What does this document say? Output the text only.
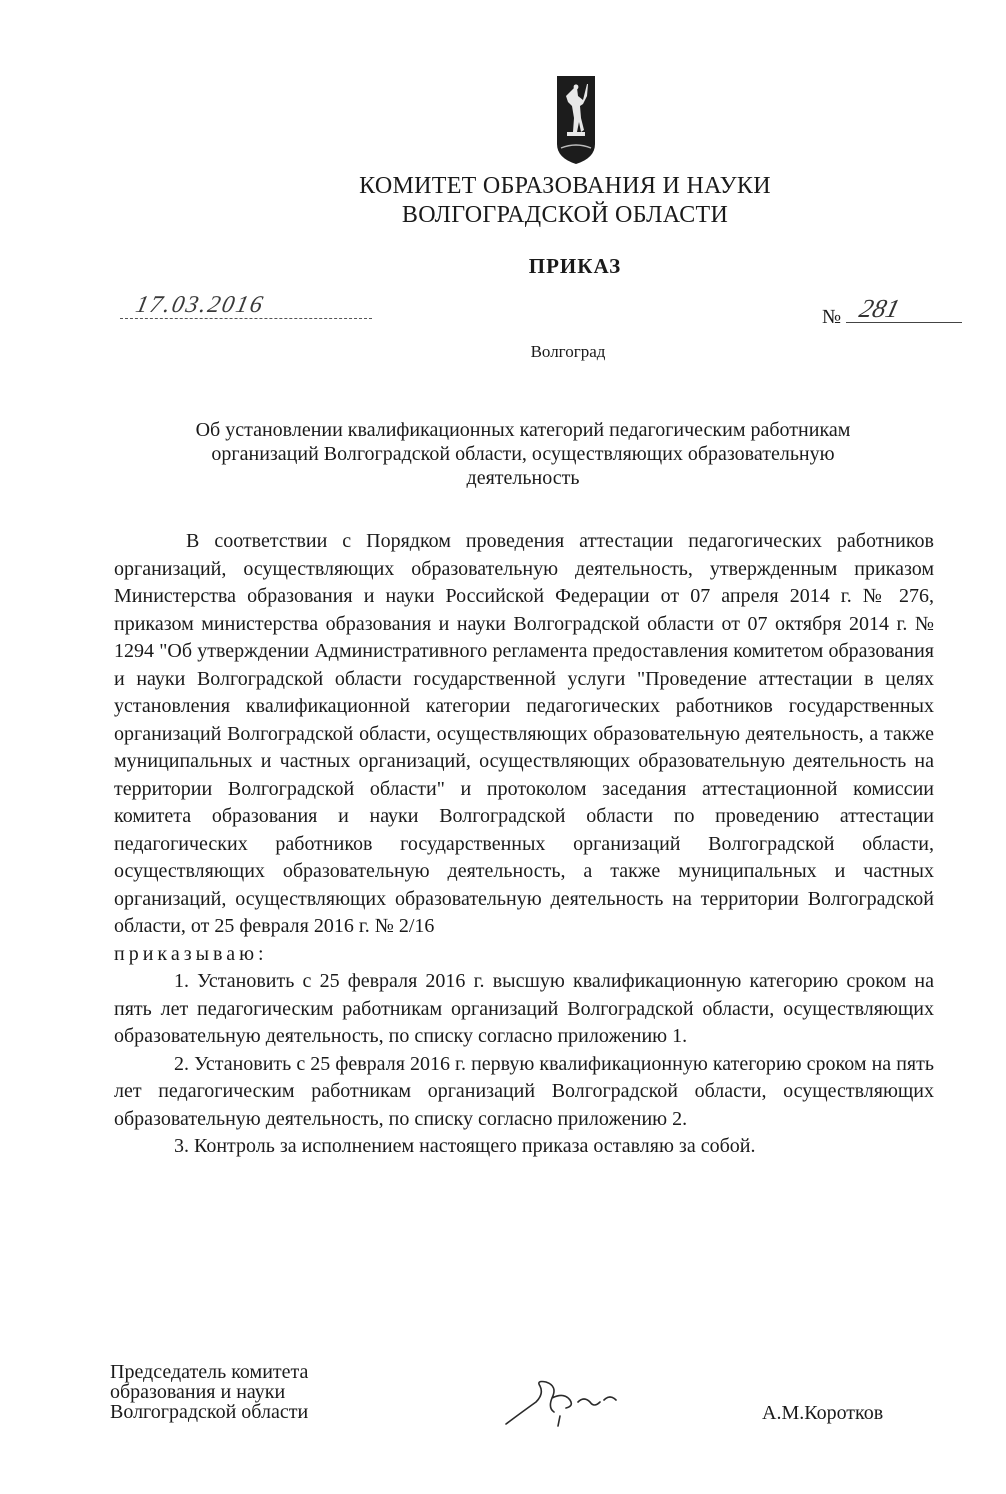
КОМИТЕТ ОБРАЗОВАНИЯ И НАУКИ
ВОЛГОГРАДСКОЙ ОБЛАСТИ
ПРИКАЗ
17.03.2016	№ 281
Волгоград
Об установлении квалификационных категорий педагогическим работникам
организаций Волгоградской области, осуществляющих образовательную
деятельность

В соответствии с Порядком проведения аттестации педагогических работников организаций, осуществляющих образовательную деятельность, утвержденным приказом Министерства образования и науки Российской Федерации от 07 апреля 2014 г. № 276, приказом министерства образования и науки Волгоградской области от 07 октября 2014 г. № 1294 "Об утверждении Административного регламента предоставления комитетом образования и науки Волгоградской области государственной услуги "Проведение аттестации в целях установления квалификационной категории педагогических работников государственных организаций Волгоградской области, осуществляющих образовательную деятельность, а также муниципальных и частных организаций, осуществляющих образовательную деятельность на территории Волгоградской области" и протоколом заседания аттестационной комиссии комитета образования и науки Волгоградской области по проведению аттестации педагогических работников государственных организаций Волгоградской области, осуществляющих образовательную деятельность, а также муниципальных и частных организаций, осуществляющих образовательную деятельность на территории Волгоградской области, от 25 февраля 2016 г. № 2/16

приказываю:

1. Установить с 25 февраля 2016 г. высшую квалификационную категорию сроком на пять лет педагогическим работникам организаций Волгоградской области, осуществляющих образовательную деятельность, по списку согласно приложению 1.

2. Установить с 25 февраля 2016 г. первую квалификационную категорию сроком на пять лет педагогическим работникам организаций Волгоградской области, осуществляющих образовательную деятельность, по списку согласно приложению 2.

3. Контроль за исполнением настоящего приказа оставляю за собой.

Председатель комитета
образования и науки
Волгоградской области	А.М.Коротков
